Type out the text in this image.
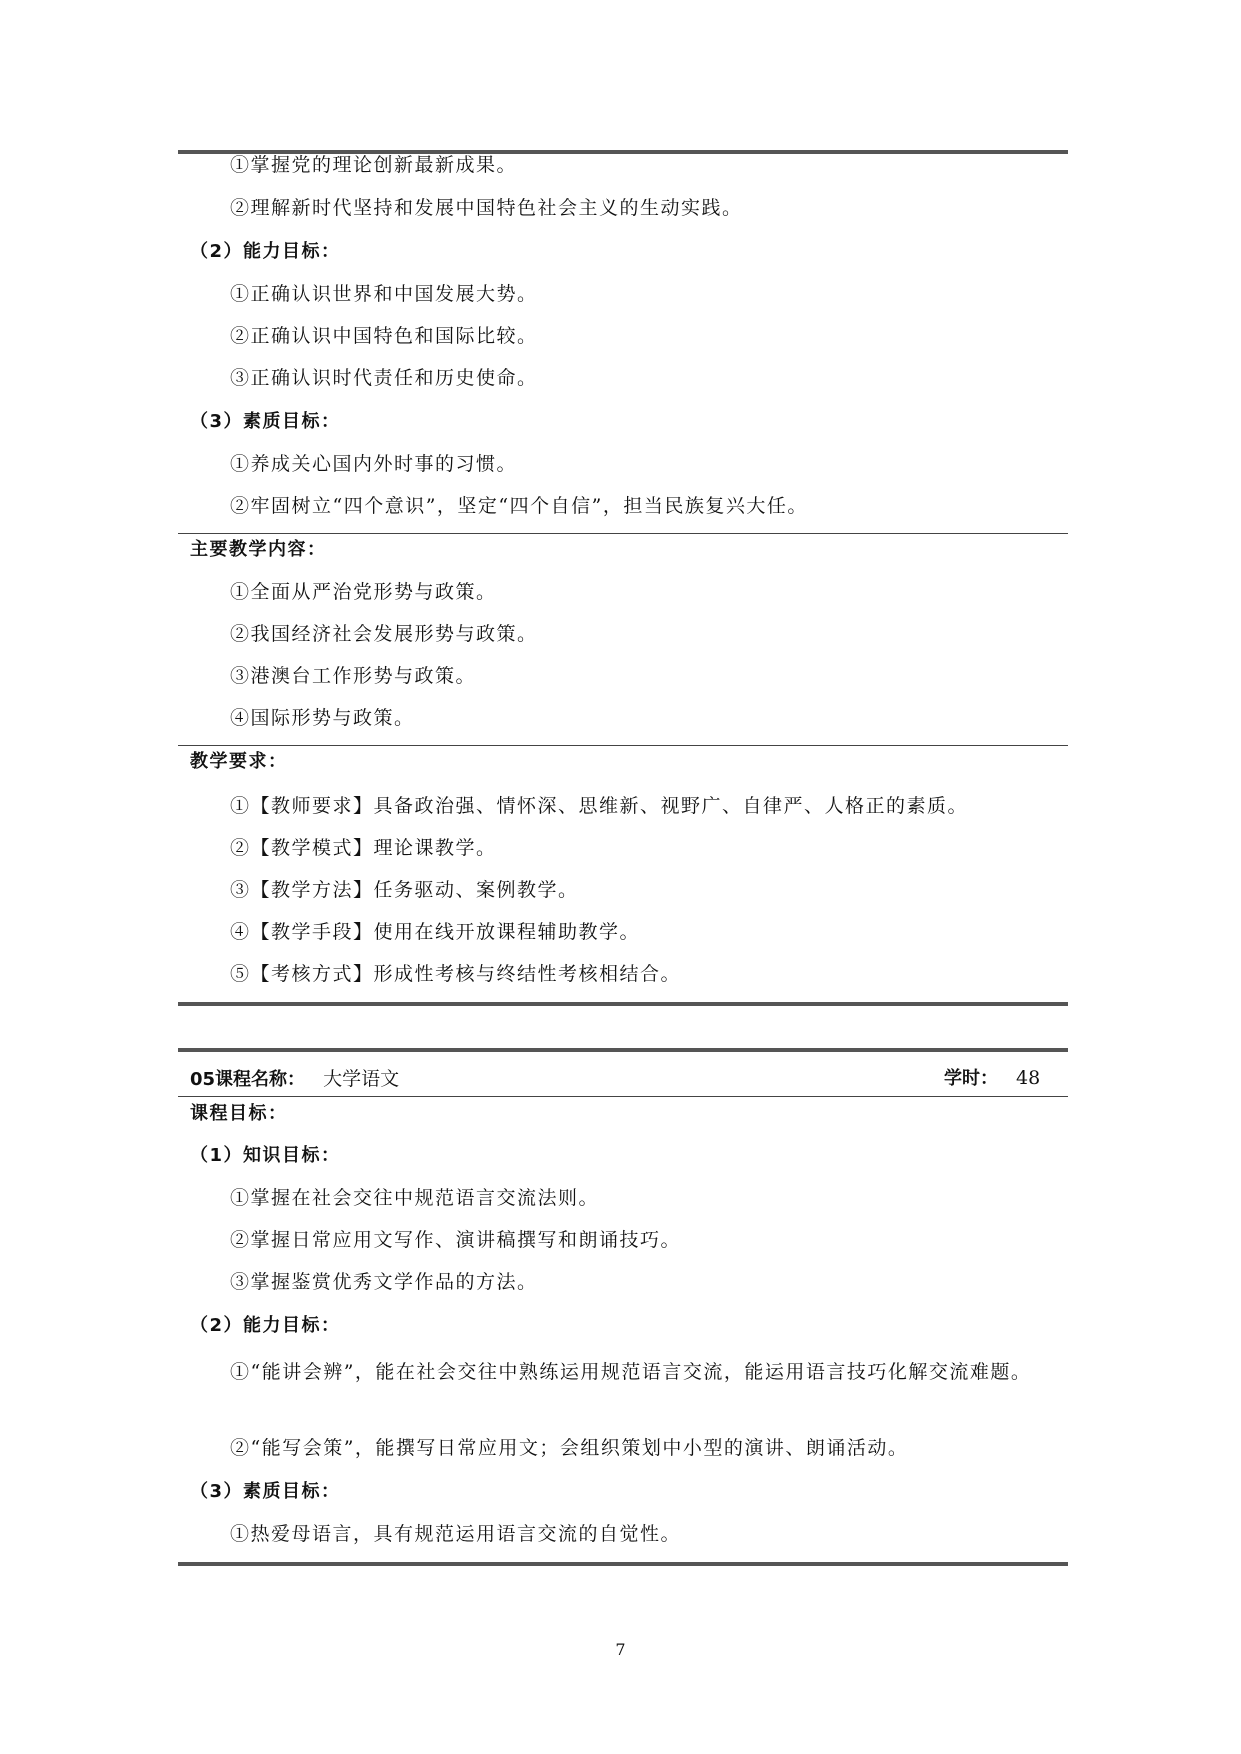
①掌握党的理论创新最新成果。
②理解新时代坚持和发展中国特色社会主义的生动实践。
（2）能力目标：
①正确认识世界和中国发展大势。
②正确认识中国特色和国际比较。
③正确认识时代责任和历史使命。
（3）素质目标：
①养成关心国内外时事的习惯。
②牢固树立“四个意识”，坚定“四个自信”，担当民族复兴大任。
主要教学内容：
①全面从严治党形势与政策。
②我国经济社会发展形势与政策。
③港澳台工作形势与政策。
④国际形势与政策。
教学要求：
①【教师要求】具备政治强、情怀深、思维新、视野广、自律严、人格正的素质。
②【教学模式】理论课教学。
③【教学方法】任务驱动、案例教学。
④【教学手段】使用在线开放课程辅助教学。
⑤【考核方式】形成性考核与终结性考核相结合。
05课程名称： 大学语文	学时： 48
课程目标：
（1）知识目标：
①掌握在社会交往中规范语言交流法则。
②掌握日常应用文写作、演讲稿撰写和朗诵技巧。
③掌握鉴赏优秀文学作品的方法。
（2）能力目标：
①“能讲会辨”，能在社会交往中熟练运用规范语言交流，能运用语言技巧化解交流难题。
②“能写会策”，能撰写日常应用文；会组织策划中小型的演讲、朗诵活动。
（3）素质目标：
①热爱母语言，具有规范运用语言交流的自觉性。
7
